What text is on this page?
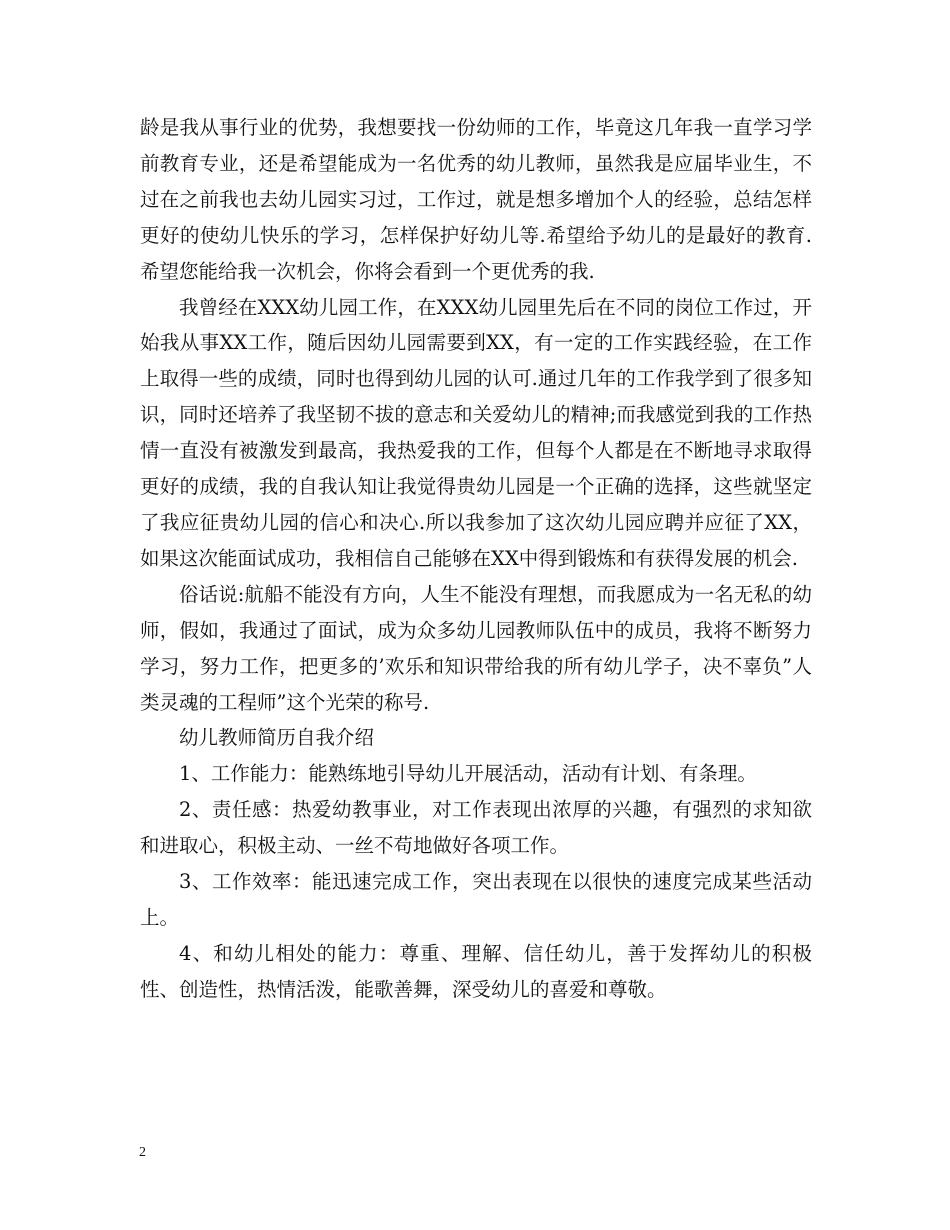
龄是我从事行业的优势，我想要找一份幼师的工作，毕竟这几年我一直学习学前教育专业，还是希望能成为一名优秀的幼儿教师，虽然我是应届毕业生，不过在之前我也去幼儿园实习过，工作过，就是想多增加个人的经验，总结怎样更好的使幼儿快乐的学习，怎样保护好幼儿等.希望给予幼儿的是最好的教育.希望您能给我一次机会，你将会看到一个更优秀的我.

我曾经在XXX幼儿园工作，在XXX幼儿园里先后在不同的岗位工作过，开始我从事XX工作，随后因幼儿园需要到XX，有一定的工作实践经验，在工作上取得一些的成绩，同时也得到幼儿园的认可.通过几年的工作我学到了很多知识，同时还培养了我坚韧不拔的意志和关爱幼儿的精神;而我感觉到我的工作热情一直没有被激发到最高，我热爱我的工作，但每个人都是在不断地寻求取得更好的成绩，我的自我认知让我觉得贵幼儿园是一个正确的选择，这些就坚定了我应征贵幼儿园的信心和决心.所以我参加了这次幼儿园应聘并应征了XX，如果这次能面试成功，我相信自己能够在XX中得到锻炼和有获得发展的机会.

俗话说:航船不能没有方向，人生不能没有理想，而我愿成为一名无私的幼师，假如，我通过了面试，成为众多幼儿园教师队伍中的成员，我将不断努力学习，努力工作，把更多的’欢乐和知识带给我的所有幼儿学子，决不辜负”人类灵魂的工程师”这个光荣的称号.

幼儿教师简历自我介绍

1、工作能力：能熟练地引导幼儿开展活动，活动有计划、有条理。

2、责任感：热爱幼教事业，对工作表现出浓厚的兴趣，有强烈的求知欲和进取心，积极主动、一丝不苟地做好各项工作。

3、工作效率：能迅速完成工作，突出表现在以很快的速度完成某些活动上。

4、和幼儿相处的能力：尊重、理解、信任幼儿，善于发挥幼儿的积极性、创造性，热情活泼，能歌善舞，深受幼儿的喜爱和尊敬。

2
